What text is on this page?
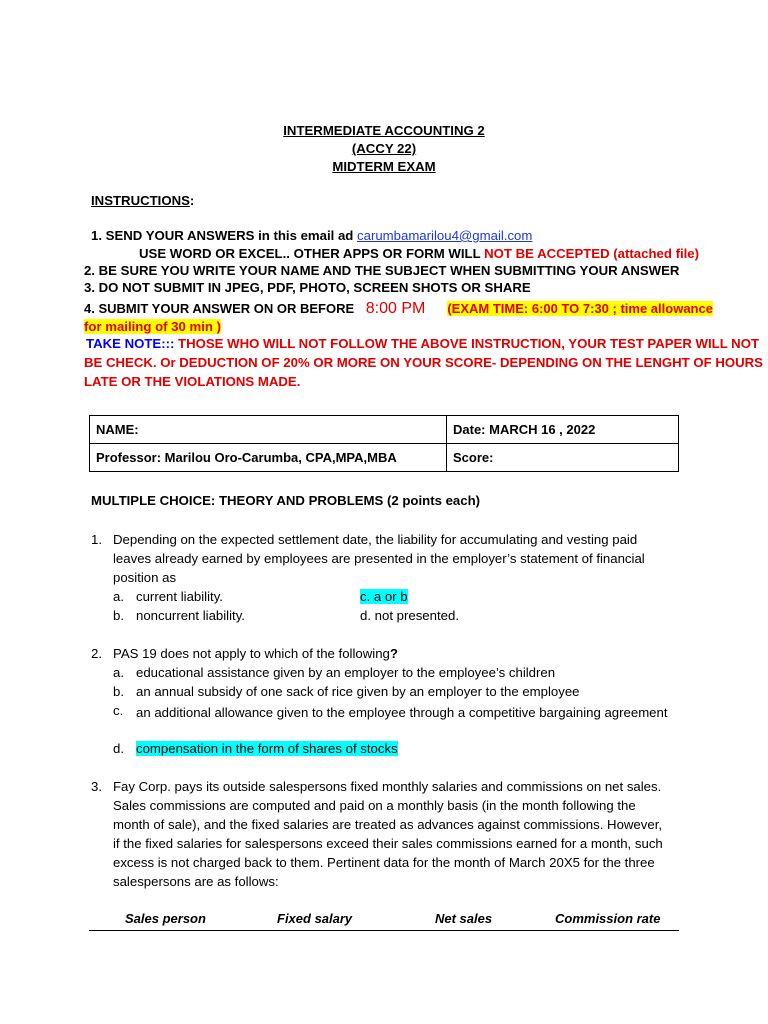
INTERMEDIATE ACCOUNTING 2
(ACCY 22)
MIDTERM EXAM
INSTRUCTIONS:
1. SEND YOUR ANSWERS in this email ad carumbamarilou4@gmail.com
USE WORD OR EXCEL.. OTHER APPS OR FORM WILL NOT BE ACCEPTED (attached file)
2. BE SURE YOU WRITE YOUR NAME AND THE SUBJECT WHEN SUBMITTING YOUR ANSWER
3. DO NOT SUBMIT IN JPEG, PDF, PHOTO, SCREEN SHOTS OR SHARE
4. SUBMIT YOUR ANSWER ON OR BEFORE 8:00 PM (EXAM TIME: 6:00 TO 7:30 ; time allowance
for mailing of 30 min )
TAKE NOTE::: THOSE WHO WILL NOT FOLLOW THE ABOVE INSTRUCTION, YOUR TEST PAPER WILL NOT
BE CHECK. Or DEDUCTION OF 20% OR MORE ON YOUR SCORE- DEPENDING ON THE LENGHT OF HOURS
LATE OR THE VIOLATIONS MADE.
NAME:	Date: MARCH 16 , 2022
Professor: Marilou Oro-Carumba, CPA,MPA,MBA	Score:
MULTIPLE CHOICE: THEORY AND PROBLEMS (2 points each)
1. Depending on the expected settlement date, the liability for accumulating and vesting paid
leaves already earned by employees are presented in the employer’s statement of financial
position as
a. current liability.
b. noncurrent liability.
c. a or b
d. not presented.
2. PAS 19 does not apply to which of the following?
a. educational assistance given by an employer to the employee’s children
b. an annual subsidy of one sack of rice given by an employer to the employee
c. an additional allowance given to the employee through a competitive bargaining agreement
d. compensation in the form of shares of stocks
3. Fay Corp. pays its outside salespersons fixed monthly salaries and commissions on net sales.
Sales commissions are computed and paid on a monthly basis (in the month following the
month of sale), and the fixed salaries are treated as advances against commissions. However,
if the fixed salaries for salespersons exceed their sales commissions earned for a month, such
excess is not charged back to them. Pertinent data for the month of March 20X5 for the three
salespersons are as follows:
Sales person	Fixed salary	Net sales	Commission rate
